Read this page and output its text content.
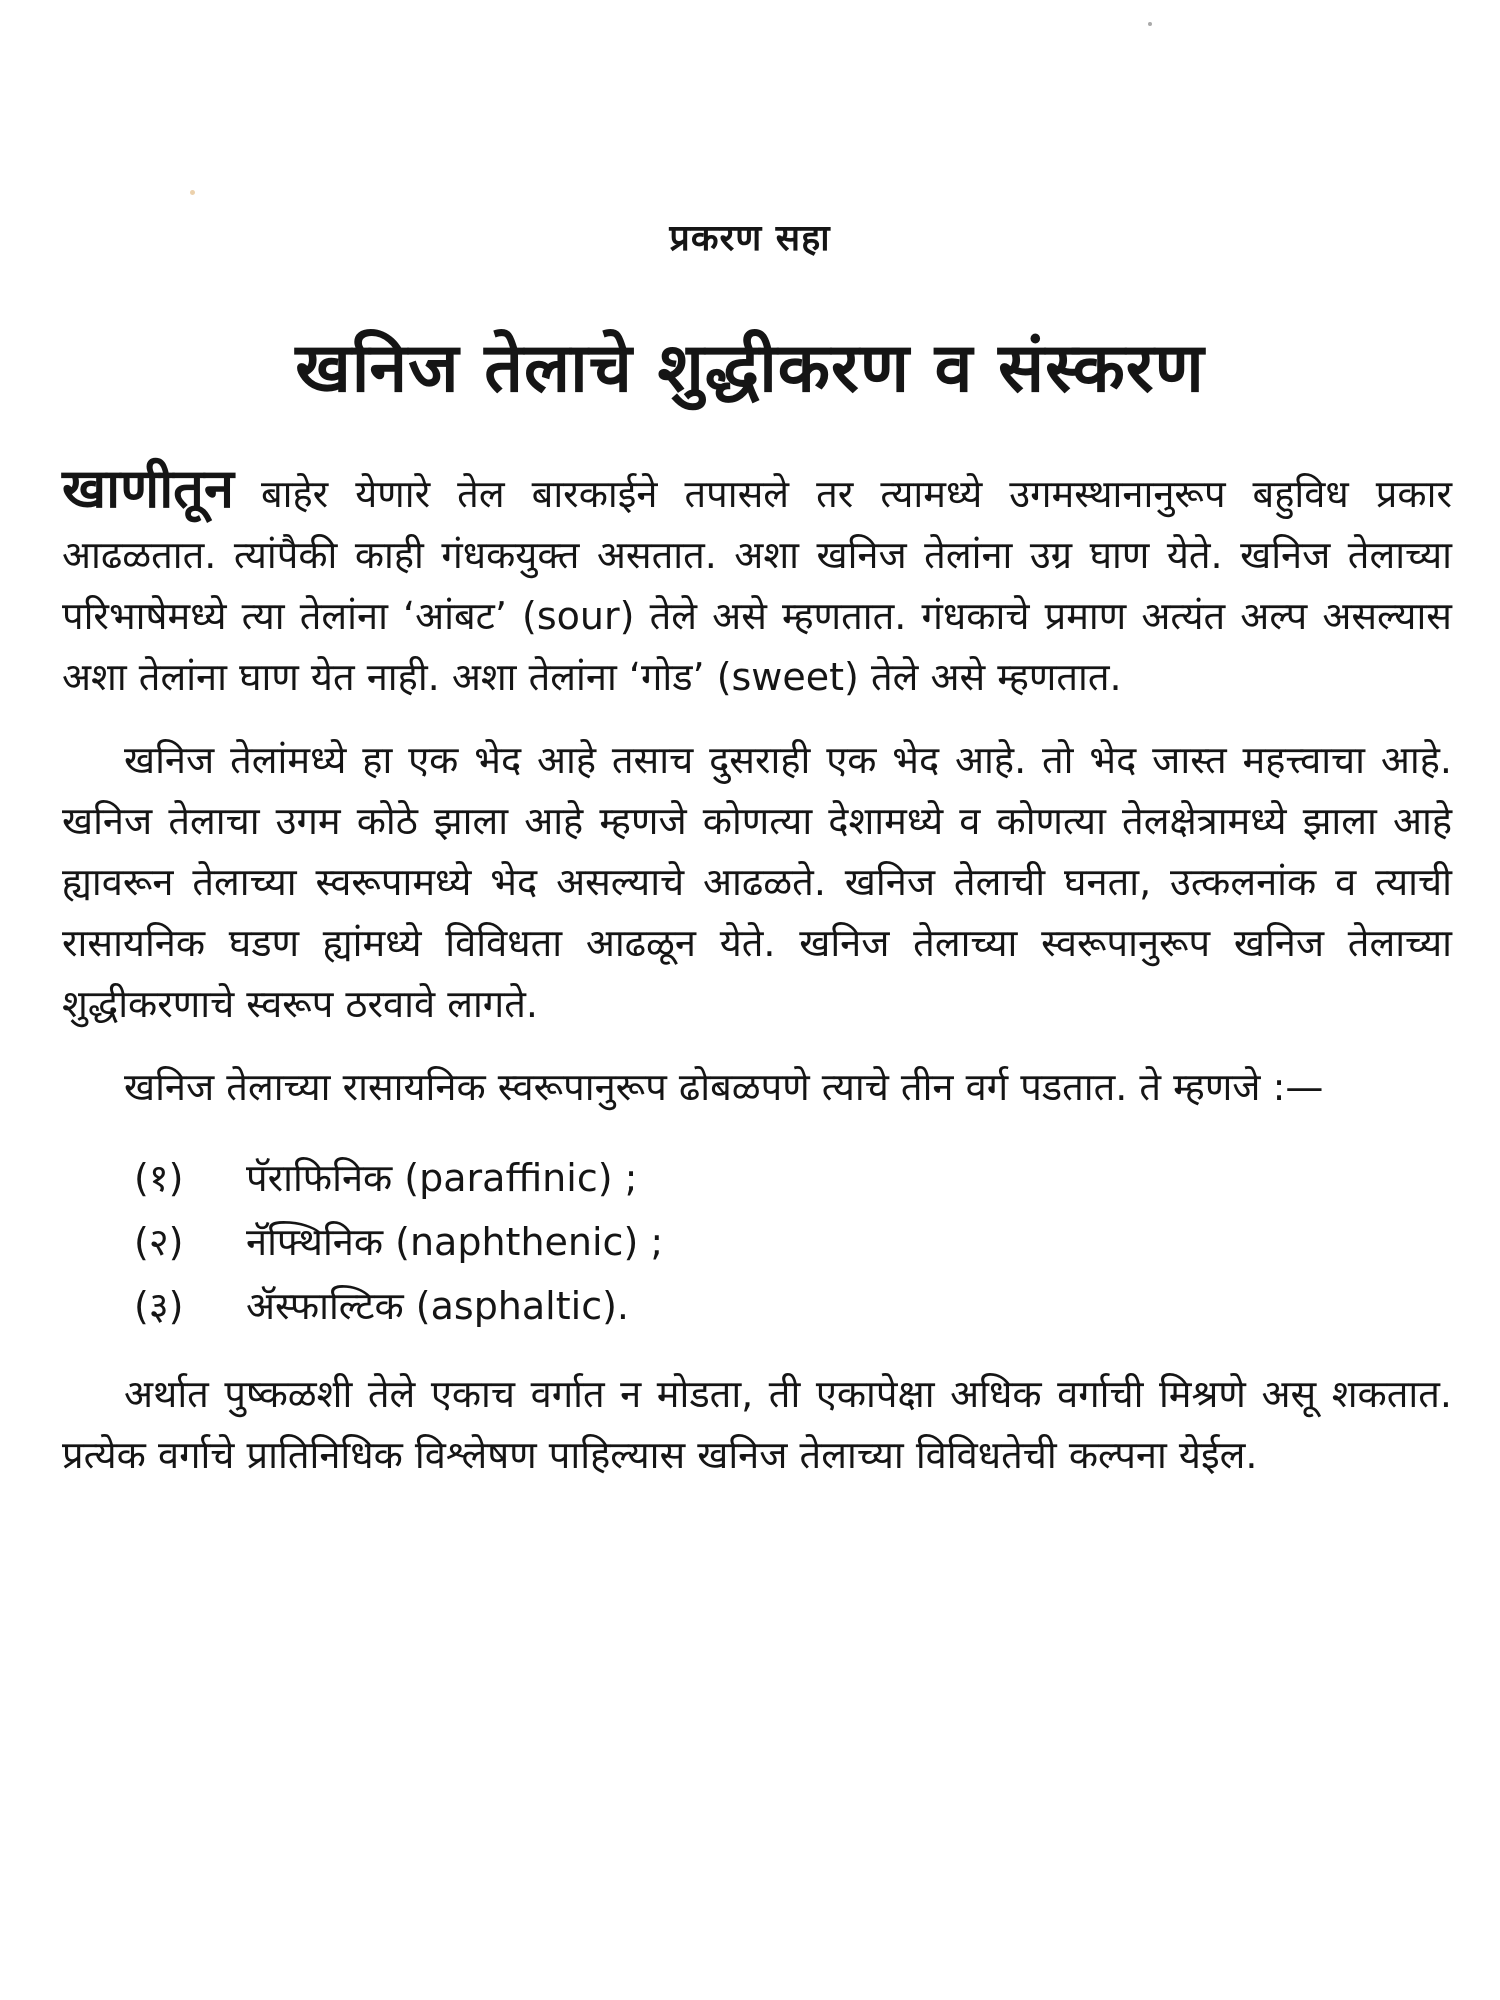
प्रकरण सहा
खनिज तेलाचे शुद्धीकरण व संस्करण

खाणीतून बाहेर येणारे तेल बारकाईने तपासले तर त्यामध्ये उगमस्थानानुरूप बहुविध प्रकार आढळतात. त्यांपैकी काही गंधकयुक्त असतात. अशा खनिज तेलांना उग्र घाण येते. खनिज तेलाच्या परिभाषेमध्ये त्या तेलांना ‘आंबट’ (sour) तेले असे म्हणतात. गंधकाचे प्रमाण अत्यंत अल्प असल्यास अशा तेलांना घाण येत नाही. अशा तेलांना ‘गोड’ (sweet) तेले असे म्हणतात.

खनिज तेलांमध्ये हा एक भेद आहे तसाच दुसराही एक भेद आहे. तो भेद जास्त महत्त्वाचा आहे. खनिज तेलाचा उगम कोठे झाला आहे म्हणजे कोणत्या देशामध्ये व कोणत्या तेलक्षेत्रामध्ये झाला आहे ह्यावरून तेलाच्या स्वरूपामध्ये भेद असल्याचे आढळते. खनिज तेलाची घनता, उत्कलनांक व त्याची रासायनिक घडण ह्यांमध्ये विविधता आढळून येते. खनिज तेलाच्या स्वरूपानुरूप खनिज तेलाच्या शुद्धीकरणाचे स्वरूप ठरवावे लागते.

खनिज तेलाच्या रासायनिक स्वरूपानुरूप ढोबळपणे त्याचे तीन वर्ग पडतात. ते म्हणजे :—

(१) पॅराफिनिक (paraffinic) ;
(२) नॅफ्थिनिक (naphthenic) ;
(३) ॲस्फाल्टिक (asphaltic).

अर्थात पुष्कळशी तेले एकाच वर्गात न मोडता, ती एकापेक्षा अधिक वर्गाची मिश्रणे असू शकतात. प्रत्येक वर्गाचे प्रातिनिधिक विश्लेषण पाहिल्यास खनिज तेलाच्या विविधतेची कल्पना येईल.
